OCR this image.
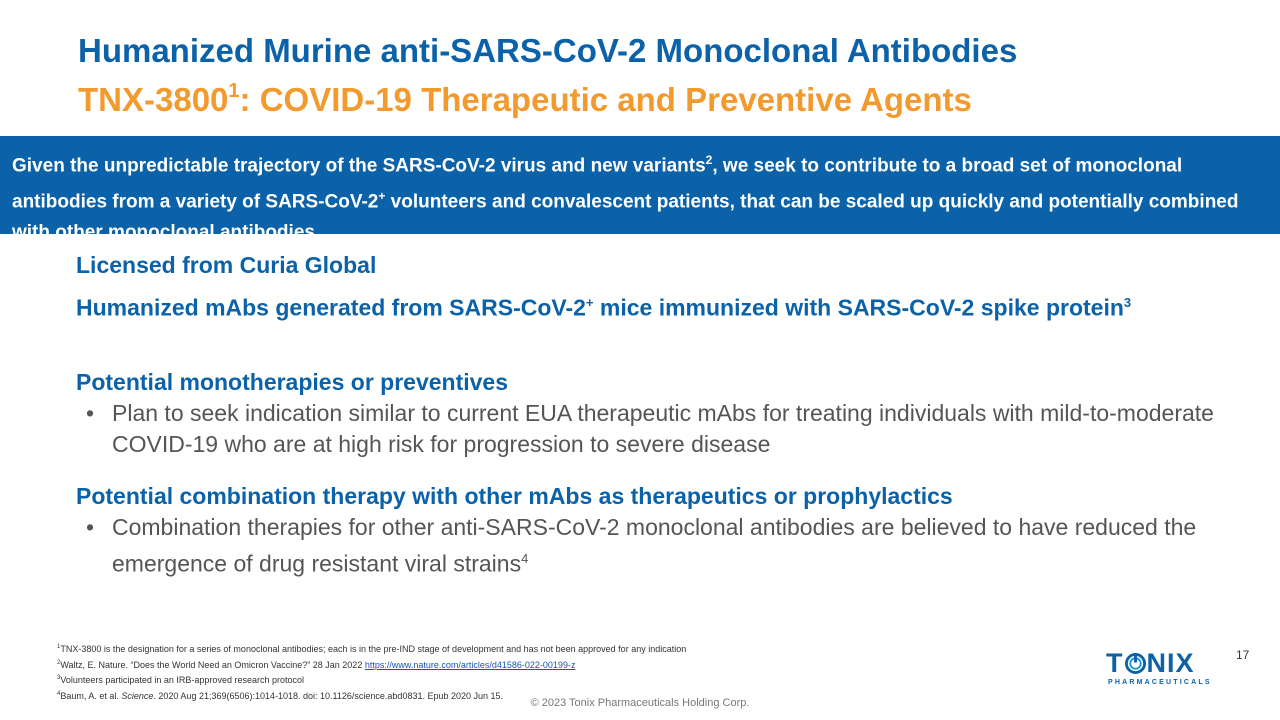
Humanized Murine anti-SARS-CoV-2 Monoclonal Antibodies
TNX-3800$^1$: COVID-19 Therapeutic and Preventive Agents
Given the unpredictable trajectory of the SARS-CoV-2 virus and new variants$^2$, we seek to contribute to a broad set of monoclonal antibodies from a variety of SARS-CoV-2+ volunteers and convalescent patients, that can be scaled up quickly and potentially combined with other monoclonal antibodies
Licensed from Curia Global
Humanized mAbs generated from SARS-CoV-2+ mice immunized with SARS-CoV-2 spike protein$^3$
Potential monotherapies or preventives
• Plan to seek indication similar to current EUA therapeutic mAbs for treating individuals with mild-to-moderate COVID-19 who are at high risk for progression to severe disease
Potential combination therapy with other mAbs as therapeutics or prophylactics
• Combination therapies for other anti-SARS-CoV-2 monoclonal antibodies are believed to have reduced the emergence of drug resistant viral strains$^4$
$^1$TNX-3800 is the designation for a series of monoclonal antibodies; each is in the pre-IND stage of development and has not been approved for any indication
$^2$Waltz, E. Nature. “Does the World Need an Omicron Vaccine?” 28 Jan 2022 https://www.nature.com/articles/d41586-022-00199-z
$^3$Volunteers participated in an IRB-approved research protocol
$^4$Baum, A. et al. Science. 2020 Aug 21;369(6506):1014-1018. doi: 10.1126/science.abd0831. Epub 2020 Jun 15.
© 2023 Tonix Pharmaceuticals Holding Corp.
T NIX
PHARMACEUTICALS
17
